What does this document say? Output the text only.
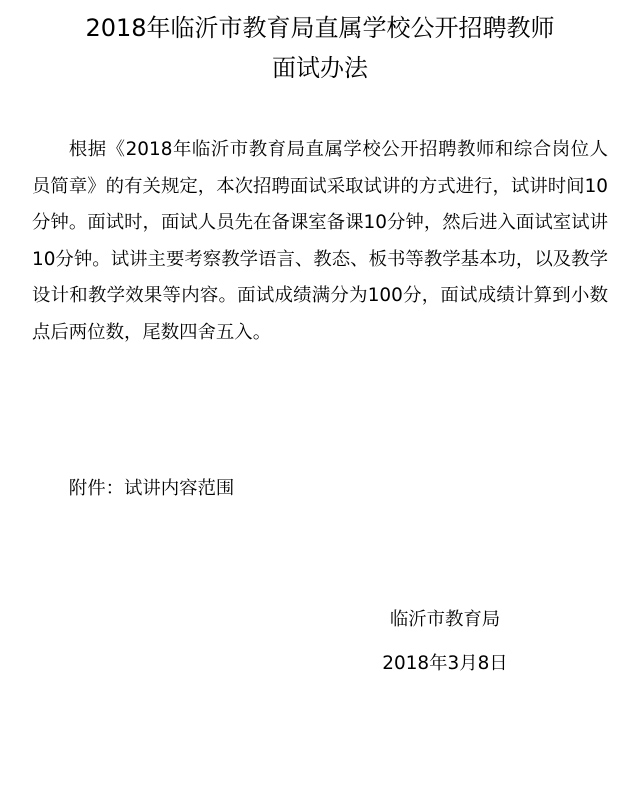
2018年临沂市教育局直属学校公开招聘教师
面试办法

根据《2018年临沂市教育局直属学校公开招聘教师和综合岗位人员简章》的有关规定，本次招聘面试采取试讲的方式进行，试讲时间10分钟。面试时，面试人员先在备课室备课10分钟，然后进入面试室试讲10分钟。试讲主要考察教学语言、教态、板书等教学基本功，以及教学设计和教学效果等内容。面试成绩满分为100分，面试成绩计算到小数点后两位数，尾数四舍五入。

附件：试讲内容范围

临沂市教育局
2018年3月8日
